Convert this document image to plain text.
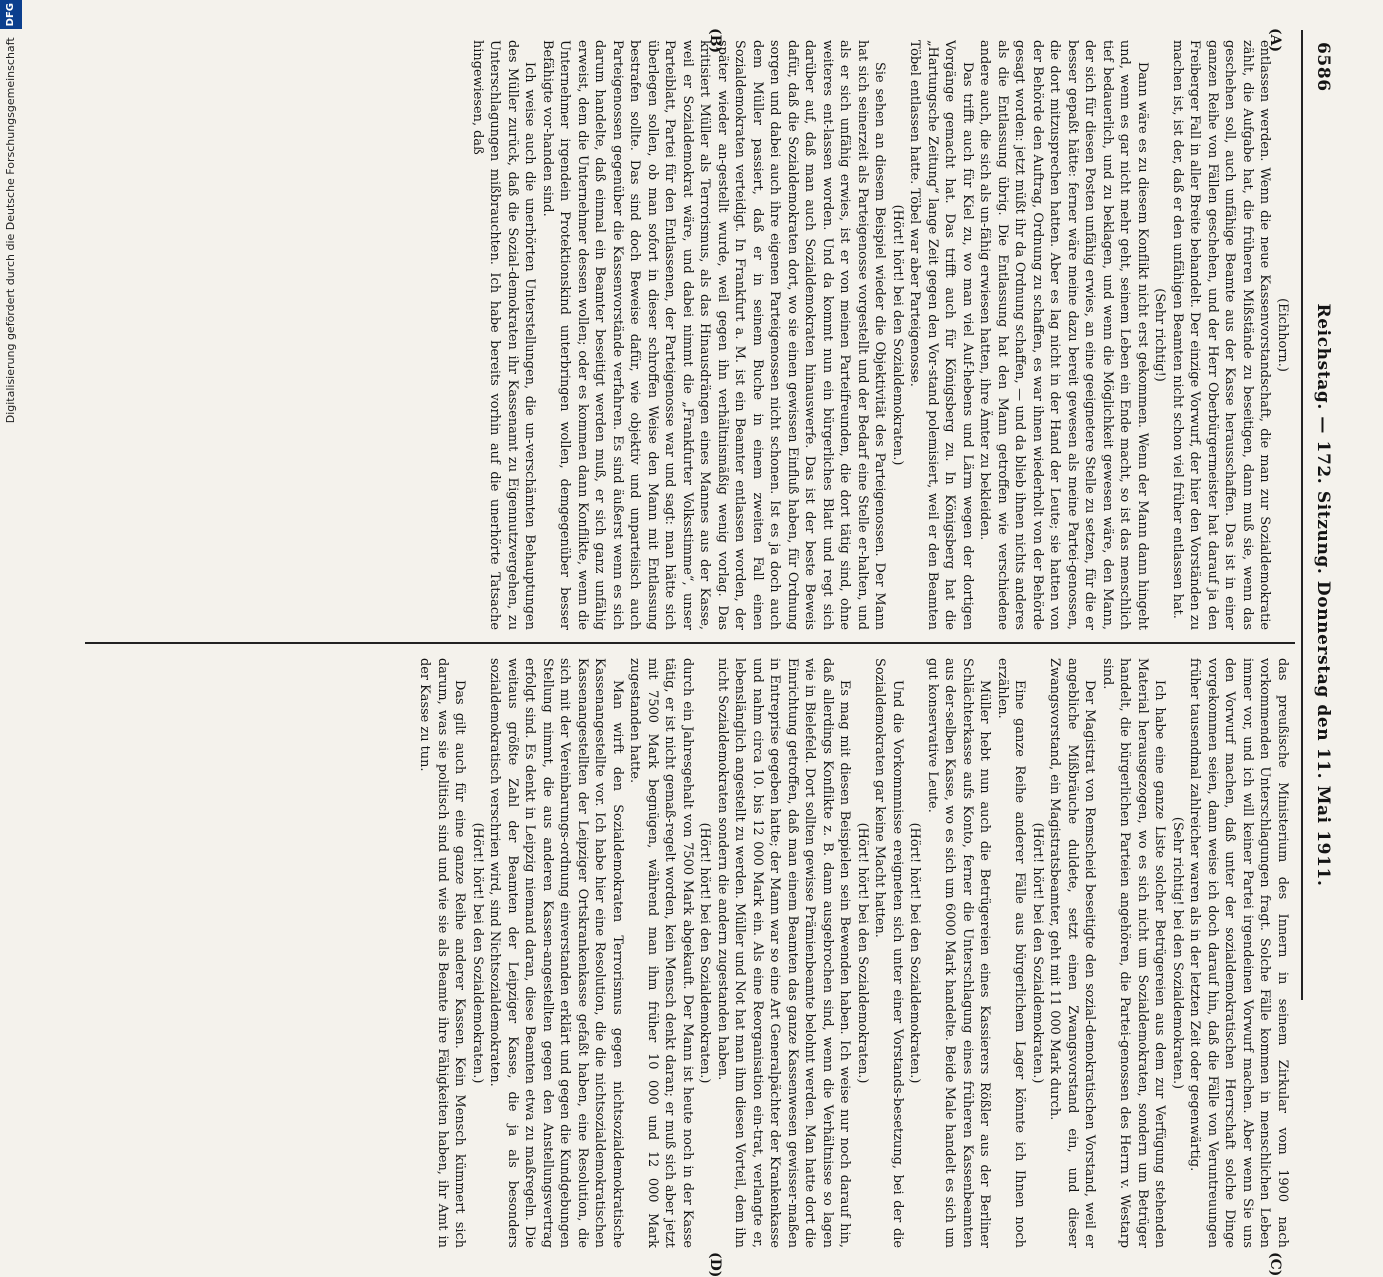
6586
Reichstag. — 172. Sitzung. Donnerstag den 11. Mai 1911.
(A)
(B)
(C)
(D)

(Eichhorn.)

entlassen werden. Wenn die neue Kassenvorstandschaft, die man zur Sozialdemokratie zählt, die Aufgabe hat, die früheren Mißstände zu beseitigen, dann muß sie, wenn das geschehen soll, auch unfähige Beamte aus der Kasse herausschaffen. Das ist in einer ganzen Reihe von Fällen geschehen, und der Herr Oberbürgermeister hat darauf ja den Freiberger Fall in aller Breite behandelt. Der einzige Vorwurf, der hier den Vorständen zu machen ist, ist der, daß er den unfähigen Beamten nicht schon viel früher entlassen hat.

(Sehr richtig!)

Dann wäre es zu diesem Konflikt nicht erst gekommen. Wenn der Mann dann hingeht und, wenn es gar nicht mehr geht, seinem Leben ein Ende macht, so ist das menschlich tief bedauerlich, und zu beklagen, und wenn die Möglichkeit gewesen wäre, den Mann, der sich für diesen Posten unfähig erwies, an eine geeignetere Stelle zu setzen, für die er besser gepaßt hätte: ferner wäre meine dazu bereit gewesen als meine Partei-genossen, die dort mitzusprechen hatten. Aber es lag nicht in der Hand der Leute; sie hatten von der Behörde den Auftrag, Ordnung zu schaffen, es war ihnen wiederholt von der Behörde gesagt worden: jetzt müßt ihr da Ordnung schaffen, — und da blieb ihnen nichts anderes als die Entlassung übrig. Die Entlassung hat den Mann getroffen wie verschiedene andere auch, die sich als un-fähig erwiesen hatten, ihre Ämter zu bekleiden.

Das trifft auch für Kiel zu, wo man viel Auf-hebens und Lärm wegen der dortigen Vorgänge gemacht hat. Das trifft auch für Königsberg zu. In Königsberg hat die „Hartungsche Zeitung“ lange Zeit gegen den Vor-stand polemisiert, weil er den Beamten Töbel entlassen hatte. Töbel war aber Parteigenosse.

(Hört! hört! bei den Sozialdemokraten.)

Sie sehen an diesem Beispiel wieder die Objektivität des Parteigenossen. Der Mann hat sich seinerzeit als Parteigenosse vorgestellt und der Bedarf eine Stelle er-halten, und als er sich unfähig erwies, ist er von meinen Parteifreunden, die dort tätig sind, ohne weiteres ent-lassen worden. Und da kommt nun ein bürgerliches Blatt und regt sich darüber auf, daß man auch Sozialdemokraten hinauswerfe. Das ist der beste Beweis dafür, daß die Sozialdemokraten dort, wo sie einen gewissen Einfluß haben, für Ordnung sorgen und dabei auch ihre eigenen Parteigenossen nicht schonen. Ist es ja doch auch dem Müller passiert, daß er in seinem Buche in einem zweiten Fall einen Sozialdemokraten verteidigt. In Frankfurt a. M. ist ein Beamter entlassen worden, der später wieder an-gestellt wurde, weil gegen ihn verhältnismäßig wenig vorlag. Das kritisiert Müller als Terrorismus, als das Hinausdrängen eines Mannes aus der Kasse, weil er Sozialdemokrat wäre, und dabei nimmt die „Frankfurter Volksstimme“, unser Parteiblatt, Partei für den Entlassenen, der Parteigenosse war und sagt: man hätte sich überlegen sollen, ob man sofort in dieser schroffen Weise den Mann mit Entlassung bestrafen sollte. Das sind doch Beweise dafür, wie objektiv und unparteiisch auch Parteigenossen gegenüber die Kassenvorstände verfahren. Es sind äußerst wenn es sich darum handelte, daß einmal ein Beamter beseitigt werden muß, er sich ganz unfähig erweist, dem die Unternehmer dessen wollen; oder es kommen dann Konflikte, wenn die Unternehmer irgendein Protektionskind unterbringen wollen, demgegenüber besser Befähigte vor-handen sind.

Ich weise auch die unerhörten Unterstellungen, die un-verschämten Behauptungen des Müller zurück, daß die Sozial-demokraten ihr Kassenamt zu Eigennutzvergehen, zu Unterschlagungen mißbrauchten. Ich habe bereits vorhin auf die unerhörte Tatsache hingewiesen, daß

das preußische Ministerium des Innern in seinem Zirkular vom 1900 nach vorkommenden Unterschlagungen fragt. Solche Fälle kommen in menschlichen Leben immer vor, und ich will keiner Partei irgendeinen Vorwurf machen. Aber wenn Sie uns den Vorwurf machen, daß unter der sozialdemokratischen Herrschaft solche Dinge vorgekommen seien, dann weise ich doch darauf hin, daß die Fälle von Veruntreuungen früher tausendmal zahlreicher waren als in der letzten Zeit oder gegenwärtig.

(Sehr richtig! bei den Sozialdemokraten.)

Ich habe eine ganze Liste solcher Betrügereien aus dem zur Verfügung stehenden Material herausgezogen, wo es sich nicht um Sozialdemokraten, sondern um Betrüger handelt, die bürgerlichen Parteien angehören, die Partei-genossen des Herrn v. Westarp sind.

Der Magistrat von Remscheid beseitigte den sozial-demokratischen Vorstand, weil er angebliche Mißbräuche duldete, setzt einen Zwangsvorstand ein, und dieser Zwangsvorstand, ein Magistratsbeamter, geht mit 11 000 Mark durch.

(Hört! hört! bei den Sozialdemokraten.)

Eine ganze Reihe anderer Fälle aus bürgerlichem Lager könnte ich Ihnen noch erzählen.

Müller hebt nun auch die Betrügereien eines Kassierers Rößler aus der Berliner Schlächterkasse aufs Konto, ferner die Unterschlagung eines früheren Kassenbeamten aus der-selben Kasse, wo es sich um 6000 Mark handelte. Beide Male handelt es sich um gut konservative Leute.

(Hört! hört! bei den Sozialdemokraten.)

Und die Vorkommnisse ereigneten sich unter einer Vorstands-besetzung, bei der die Sozialdemokraten gar keine Macht hatten.

(Hört! hört! bei den Sozialdemokraten.)

Es mag mit diesen Beispielen sein Bewenden haben. Ich weise nur noch darauf hin, daß allerdings Konflikte z. B. dann ausgebrochen sind, wenn die Verhältnisse so lagen wie in Bielefeld. Dort sollten gewisse Prämienbeamte belohnt werden. Man hatte dort die Einrichtung getroffen, daß man einem Beamten das ganze Kassenwesen gewisser-maßen in Entreprise gegeben hatte; der Mann war so eine Art Generalpächter der Krankenkasse und nahm circa 10. bis 12 000 Mark ein. Als eine Reorganisation ein-trat, verlangte er, lebenslänglich angestellt zu werden. Müller und Not hat man ihm diesen Vorteil, dem ihn nicht Sozialdemokraten sondern die andern zugestanden haben.

(Hört! hört! bei den Sozialdemokraten.)

durch ein Jahresgehalt von 7500 Mark abgekauft. Der Mann ist heute noch in der Kasse tätig, er ist nicht gemaß-regelt worden, kein Mensch denkt daran; er muß sich aber jetzt mit 7500 Mark begnügen, während man ihm früher 10 000 und 12 000 Mark zugestanden hatte.

Man wirft den Sozialdemokraten Terrorismus gegen nichtsozialdemokratische Kassenangestellte vor. Ich habe hier eine Resolution, die die nichtsozialdemokratischen Kassenangestellten der Leipziger Ortskrankenkasse gefaßt haben, eine Resolution, die sich mit der Vereinbarungs-ordnung einverstanden erklärt und gegen die Kundgebungen Stellung nimmt, die aus anderen Kassen-angestellten gegen den Anstellungsvertrag erfolgt sind. Es denkt in Leipzig niemand daran, diese Beamten etwa zu maßregeln. Die weitaus größte Zahl der Beamten der Leipziger Kasse, die ja als besonders sozialdemokratisch verschrien wird, sind Nichtsozialdemokraten.

(Hört! hört! bei den Sozialdemokraten.)

Das gilt auch für eine ganze Reihe anderer Kassen. Kein Mensch kümmert sich darum, was sie politisch sind und wie sie als Beamte ihre Fähigkeiten haben, ihr Amt in der Kasse zu tun.

Digitalisierung gefördert durch die Deutsche Forschungsgemeinschaft
DFG
